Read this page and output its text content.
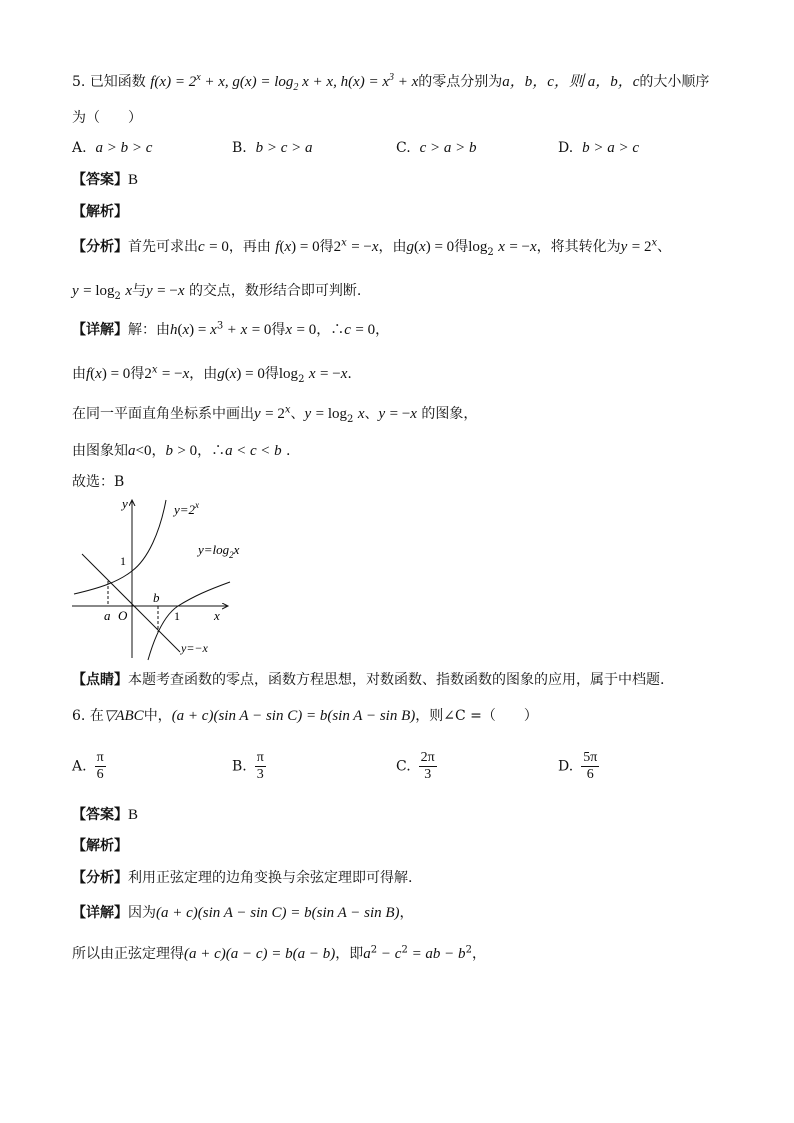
5. 已知函数 $f(x) = 2^x + x$, $g(x) = \log_2 x + x$, $h(x) = x^3 + x$的零点分别为a，b，c，则 a，b，c的大小顺序
为（　　）
A. a > b > c	B. b > c > a	C. c > a > b	D. b > a > c
【答案】B
【解析】
【分析】首先可求出c = 0，再由 f(x) = 0得$2^x = -x$，由g(x) = 0得$\log_2 x = -x$，将其转化为$y = 2^x$、
$y = \log_2 x$与y = −x 的交点，数形结合即可判断.
【详解】解：由$h(x) = x^3 + x = 0$得x = 0，∴c = 0，
由f(x) = 0得$2^x = -x$，由g(x) = 0得$\log_2 x = -x$.
在同一平面直角坐标系中画出$y = 2^x$、$y = \log_2 x$、y = −x 的图象，
由图象知a<0，b > 0，∴a < c < b .
故选：B
y
x
O
1
1
a
b
$y=2^x$
$y=\log_2x$
y=−x
【点睛】本题考查函数的零点，函数方程思想，对数函数、指数函数的图象的应用，属于中档题.
6. 在▽ABC中，(a + c)(sin A − sin C) = b(sin A − sin B)，则∠C =（　　）
A. $\frac{\pi}{6}$	B. $\frac{\pi}{3}$	C. $\frac{2\pi}{3}$	D. $\frac{5\pi}{6}$
【答案】B
【解析】
【分析】利用正弦定理的边角变换与余弦定理即可得解.
【详解】因为(a + c)(sin A − sin C) = b(sin A − sin B)，
所以由正弦定理得(a + c)(a − c) = b(a − b)，即$a^2 - c^2$ = ab − $b^2$，
